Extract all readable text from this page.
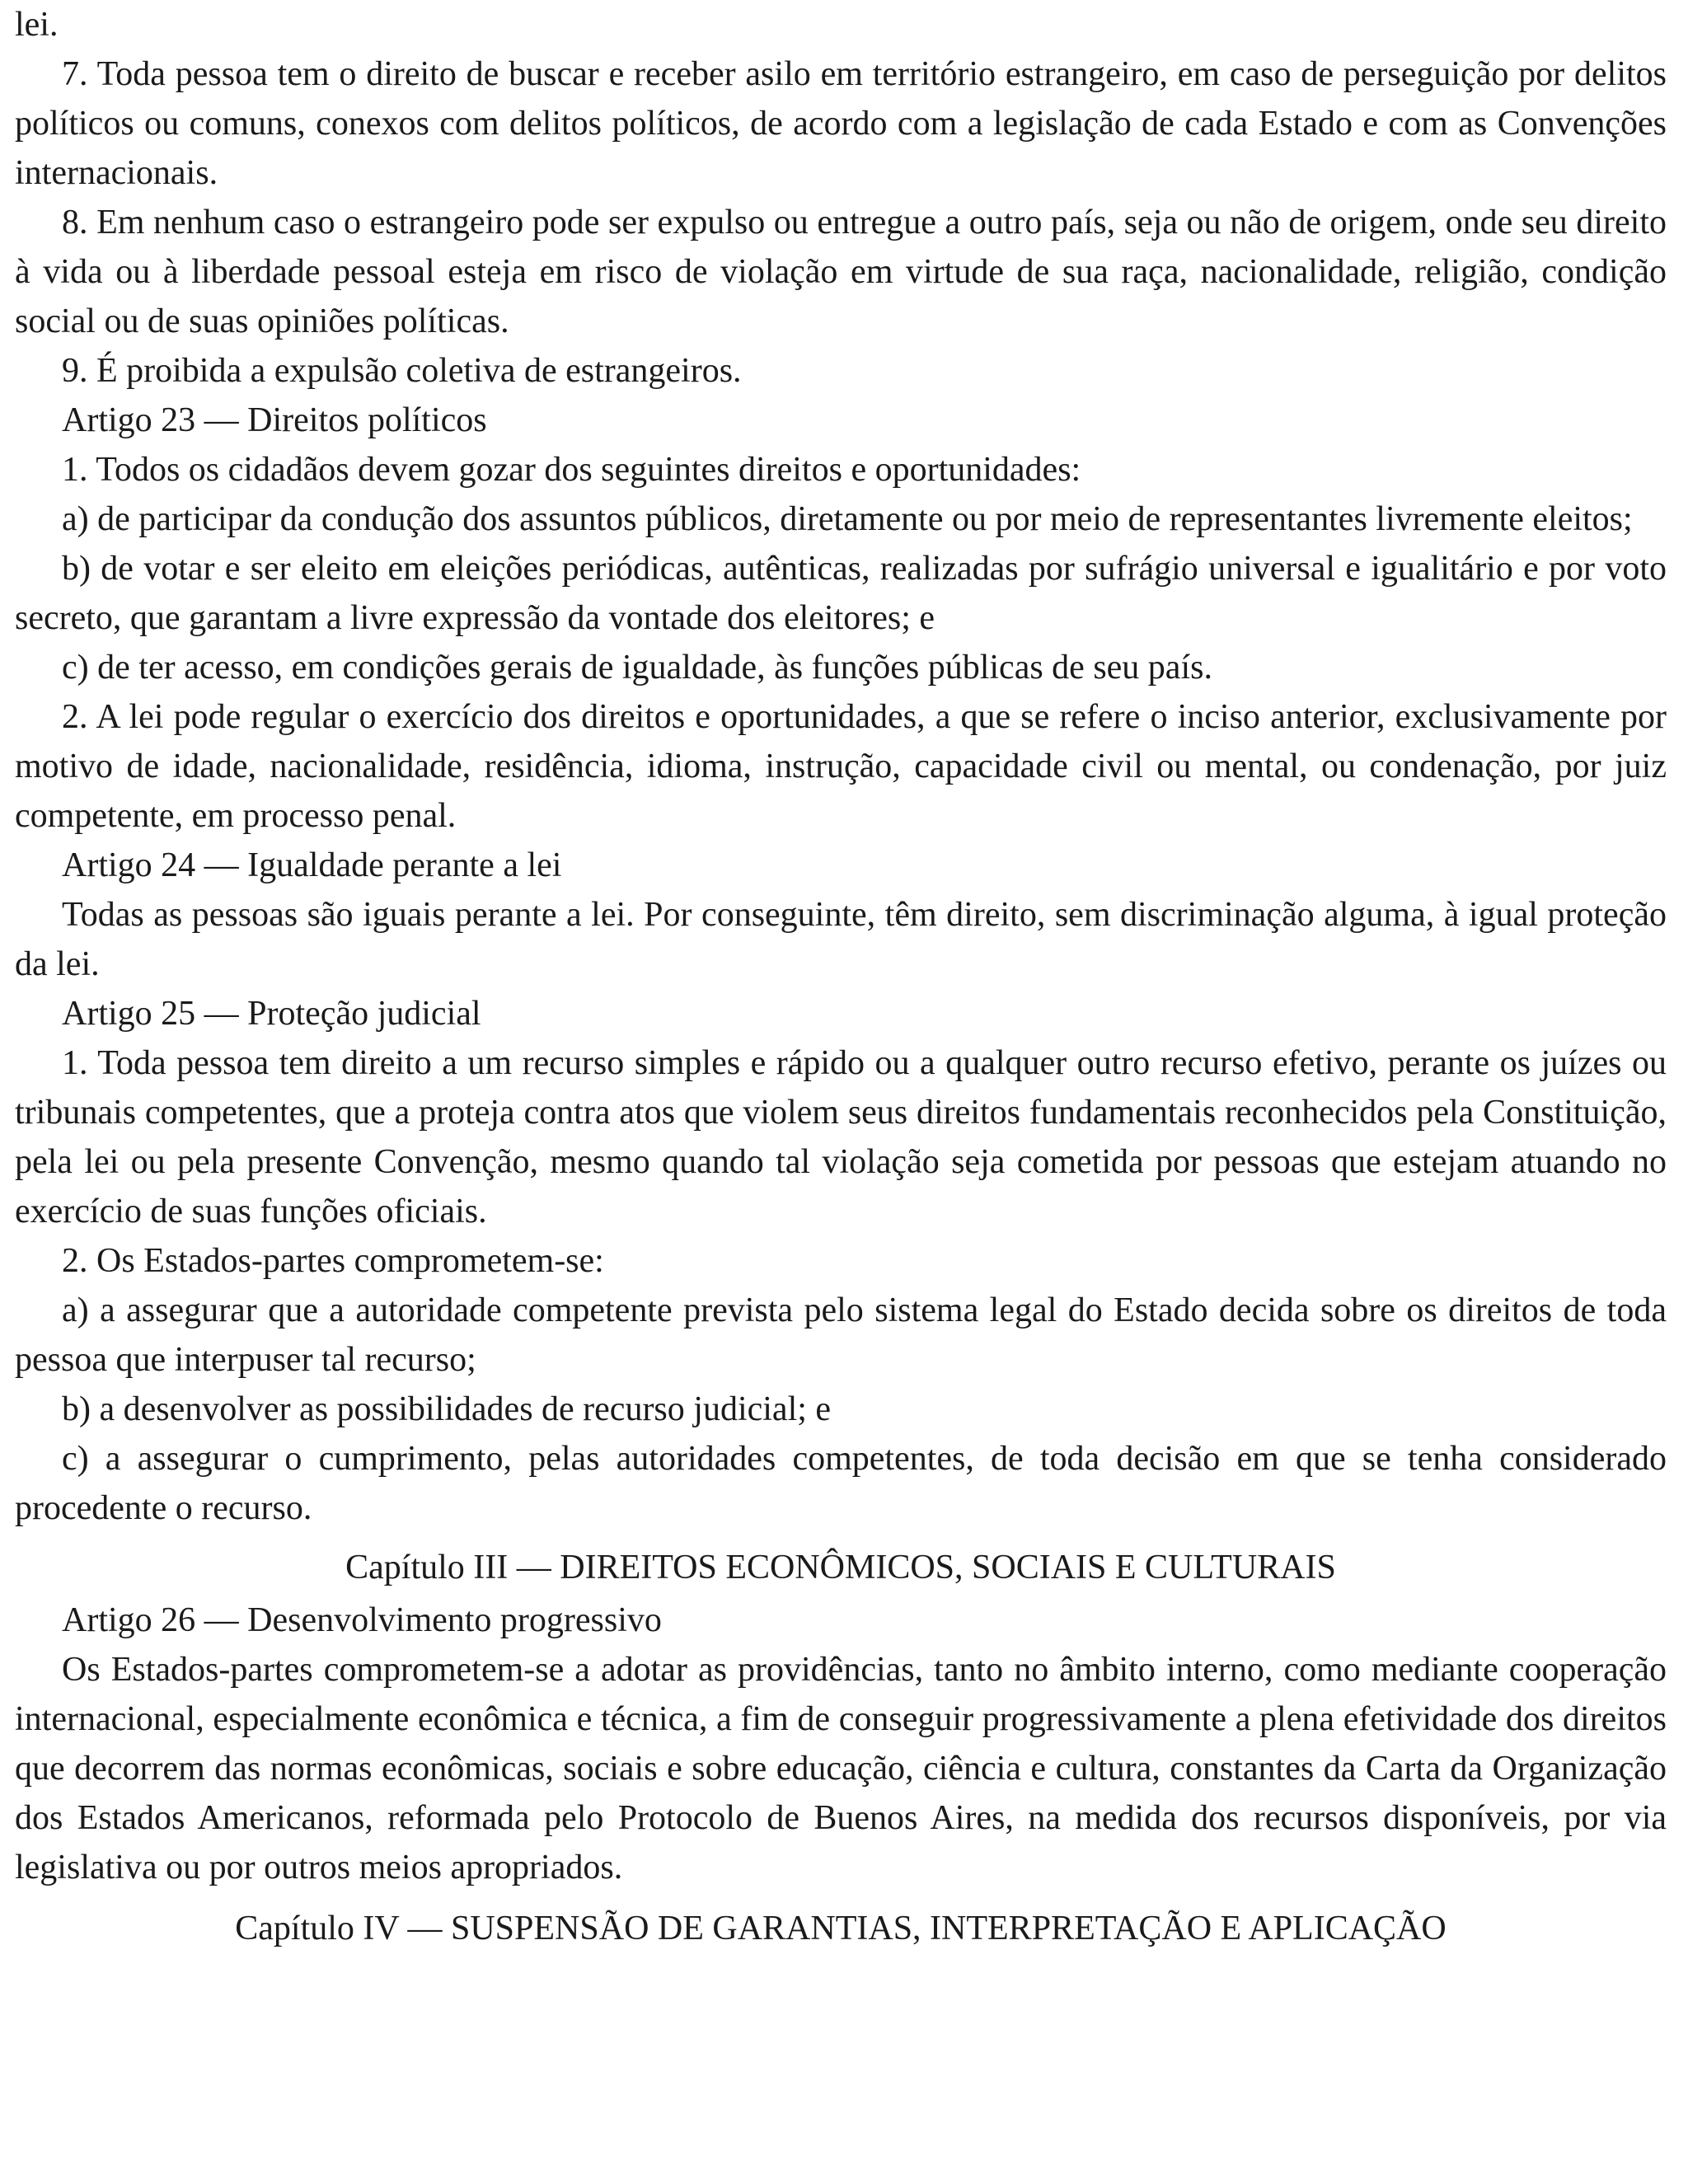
lei.

7. Toda pessoa tem o direito de buscar e receber asilo em território estrangeiro, em caso de perseguição por delitos políticos ou comuns, conexos com delitos políticos, de acordo com a legislação de cada Estado e com as Convenções internacionais.

8. Em nenhum caso o estrangeiro pode ser expulso ou entregue a outro país, seja ou não de origem, onde seu direito à vida ou à liberdade pessoal esteja em risco de violação em virtude de sua raça, nacionalidade, religião, condição social ou de suas opiniões políticas.

9. É proibida a expulsão coletiva de estrangeiros.

Artigo 23 — Direitos políticos

1. Todos os cidadãos devem gozar dos seguintes direitos e oportunidades:

a) de participar da condução dos assuntos públicos, diretamente ou por meio de representantes livremente eleitos;

b) de votar e ser eleito em eleições periódicas, autênticas, realizadas por sufrágio universal e igualitário e por voto secreto, que garantam a livre expressão da vontade dos eleitores; e

c) de ter acesso, em condições gerais de igualdade, às funções públicas de seu país.

2. A lei pode regular o exercício dos direitos e oportunidades, a que se refere o inciso anterior, exclusivamente por motivo de idade, nacionalidade, residência, idioma, instrução, capacidade civil ou mental, ou condenação, por juiz competente, em processo penal.

Artigo 24 — Igualdade perante a lei

Todas as pessoas são iguais perante a lei. Por conseguinte, têm direito, sem discriminação alguma, à igual proteção da lei.

Artigo 25 — Proteção judicial

1. Toda pessoa tem direito a um recurso simples e rápido ou a qualquer outro recurso efetivo, perante os juízes ou tribunais competentes, que a proteja contra atos que violem seus direitos fundamentais reconhecidos pela Constituição, pela lei ou pela presente Convenção, mesmo quando tal violação seja cometida por pessoas que estejam atuando no exercício de suas funções oficiais.

2. Os Estados-partes comprometem-se:

a) a assegurar que a autoridade competente prevista pelo sistema legal do Estado decida sobre os direitos de toda pessoa que interpuser tal recurso;

b) a desenvolver as possibilidades de recurso judicial; e

c) a assegurar o cumprimento, pelas autoridades competentes, de toda decisão em que se tenha considerado procedente o recurso.

Capítulo III — DIREITOS ECONÔMICOS, SOCIAIS E CULTURAIS

Artigo 26 — Desenvolvimento progressivo

Os Estados-partes comprometem-se a adotar as providências, tanto no âmbito interno, como mediante cooperação internacional, especialmente econômica e técnica, a fim de conseguir progressivamente a plena efetividade dos direitos que decorrem das normas econômicas, sociais e sobre educação, ciência e cultura, constantes da Carta da Organização dos Estados Americanos, reformada pelo Protocolo de Buenos Aires, na medida dos recursos disponíveis, por via legislativa ou por outros meios apropriados.

Capítulo IV — SUSPENSÃO DE GARANTIAS, INTERPRETAÇÃO E APLICAÇÃO
